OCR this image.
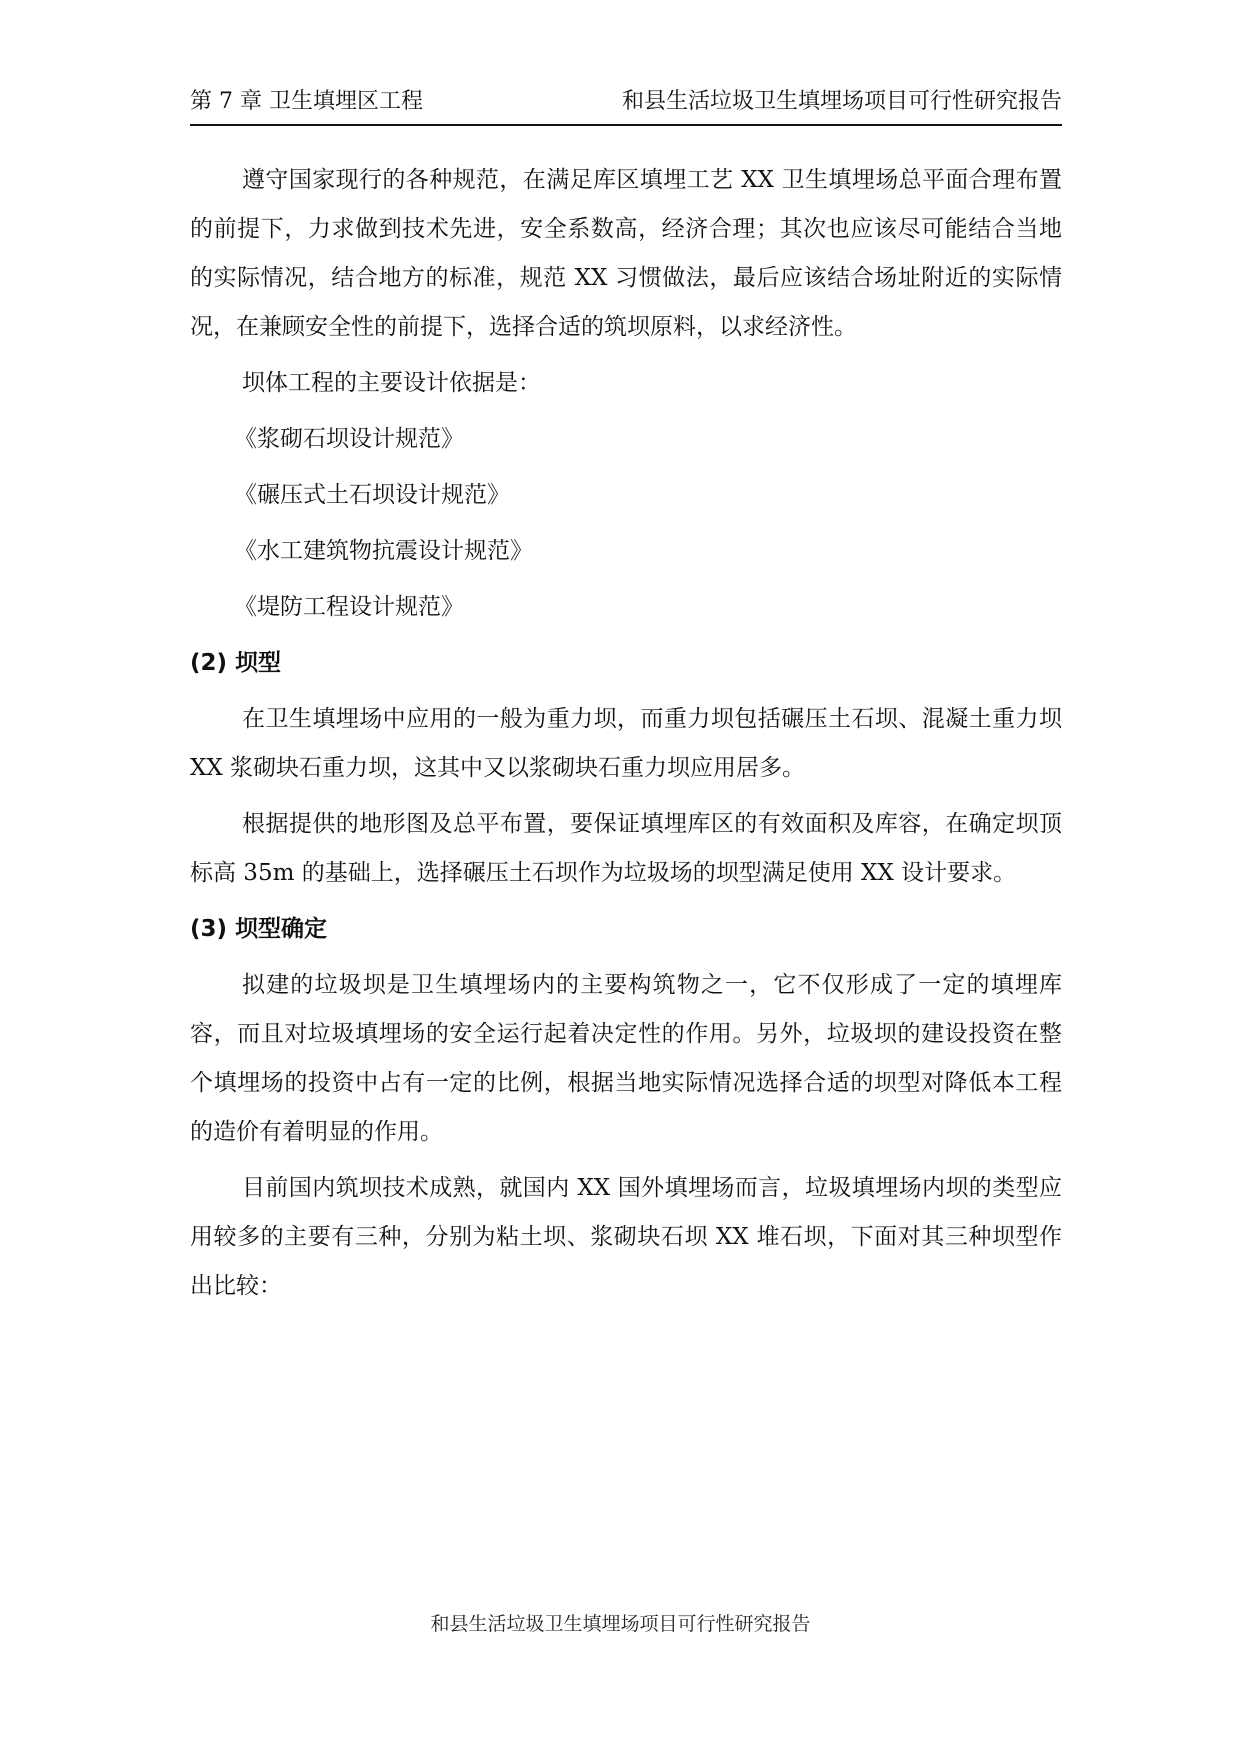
第 7 章 卫生填埋区工程	和县生活垃圾卫生填埋场项目可行性研究报告

遵守国家现行的各种规范，在满足库区填埋工艺 XX 卫生填埋场总平面合理布置的前提下，力求做到技术先进，安全系数高，经济合理；其次也应该尽可能结合当地的实际情况，结合地方的标准，规范 XX 习惯做法，最后应该结合场址附近的实际情况，在兼顾安全性的前提下，选择合适的筑坝原料，以求经济性。

坝体工程的主要设计依据是：

《浆砌石坝设计规范》

《碾压式土石坝设计规范》

《水工建筑物抗震设计规范》

《堤防工程设计规范》

(2) 坝型

在卫生填埋场中应用的一般为重力坝，而重力坝包括碾压土石坝、混凝土重力坝 XX 浆砌块石重力坝，这其中又以浆砌块石重力坝应用居多。

根据提供的地形图及总平布置，要保证填埋库区的有效面积及库容，在确定坝顶标高 35m 的基础上，选择碾压土石坝作为垃圾场的坝型满足使用 XX 设计要求。

(3) 坝型确定

拟建的垃圾坝是卫生填埋场内的主要构筑物之一，它不仅形成了一定的填埋库容，而且对垃圾填埋场的安全运行起着决定性的作用。另外，垃圾坝的建设投资在整个填埋场的投资中占有一定的比例，根据当地实际情况选择合适的坝型对降低本工程的造价有着明显的作用。

目前国内筑坝技术成熟，就国内 XX 国外填埋场而言，垃圾填埋场内坝的类型应用较多的主要有三种，分别为粘土坝、浆砌块石坝 XX 堆石坝，下面对其三种坝型作出比较：

和县生活垃圾卫生填埋场项目可行性研究报告
